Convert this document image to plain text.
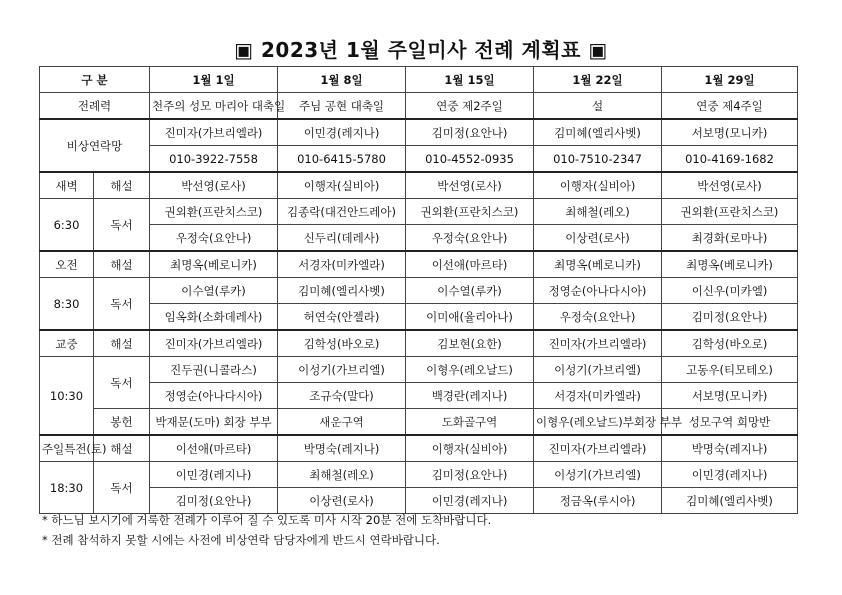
▣ 2023년 1월 주일미사 전례 계획표 ▣
구 분		1월 1일	1월 8일	1월 15일	1월 22일	1월 29일
전례력		천주의 성모 마리아 대축일	주님 공현 대축일	연중 제2주일	설	연중 제4주일
비상연락망		진미자(가브리엘라)	이민경(레지나)	김미정(요안나)	김미혜(엘리사벳)	서보명(모니카)
		010-3922-7558	010-6415-5780	010-4552-0935	010-7510-2347	010-4169-1682
새벽	해설	박선영(로사)	이행자(실비아)	박선영(로사)	이행자(실비아)	박선영(로사)
6:30	독서	권외환(프란치스코)	김종락(대건안드레아)	권외환(프란치스코)	최해철(레오)	권외환(프란치스코)
		우정숙(요안나)	신두리(데레사)	우정숙(요안나)	이상련(로사)	최경화(로마나)
오전	해설	최명옥(베로니카)	서경자(미카엘라)	이선애(마르타)	최명옥(베로니카)	최명옥(베로니카)
8:30	독서	이수열(루카)	김미혜(엘리사벳)	이수열(루카)	정영순(아나다시아)	이신우(미카엘)
		임옥화(소화데레사)	허연숙(안젤라)	이미애(율리아나)	우정숙(요안나)	김미정(요안나)
교중	해설	진미자(가브리엘라)	김학성(바오로)	김보현(요한)	진미자(가브리엘라)	김학성(바오로)
10:30	독서	진두권(니콜라스)	이성기(가브리엘)	이형우(레오날드)	이성기(가브리엘)	고동우(티모테오)
		정영순(아나다시아)	조규숙(말다)	백경란(레지나)	서경자(미카엘라)	서보명(모니카)
	봉헌	박재문(도마) 회장 부부	새운구역	도화골구역	이형우(레오날드)부회장 부부	성모구역 희망반
주일특전(토)	해설	이선애(마르타)	박명숙(레지나)	이행자(실비아)	진미자(가브리엘라)	박명숙(레지나)
18:30	독서	이민경(레지나)	최해철(레오)	김미정(요안나)	이성기(가브리엘)	이민경(레지나)
		김미정(요안나)	이상련(로사)	이민경(레지나)	정금옥(루시아)	김미혜(엘리사벳)
* 하느님 보시기에 거룩한 전례가 이루어 질 수 있도록 미사 시작 20분 전에 도착바랍니다.
* 전례 참석하지 못할 시에는 사전에 비상연락 담당자에게 반드시 연락바랍니다.
